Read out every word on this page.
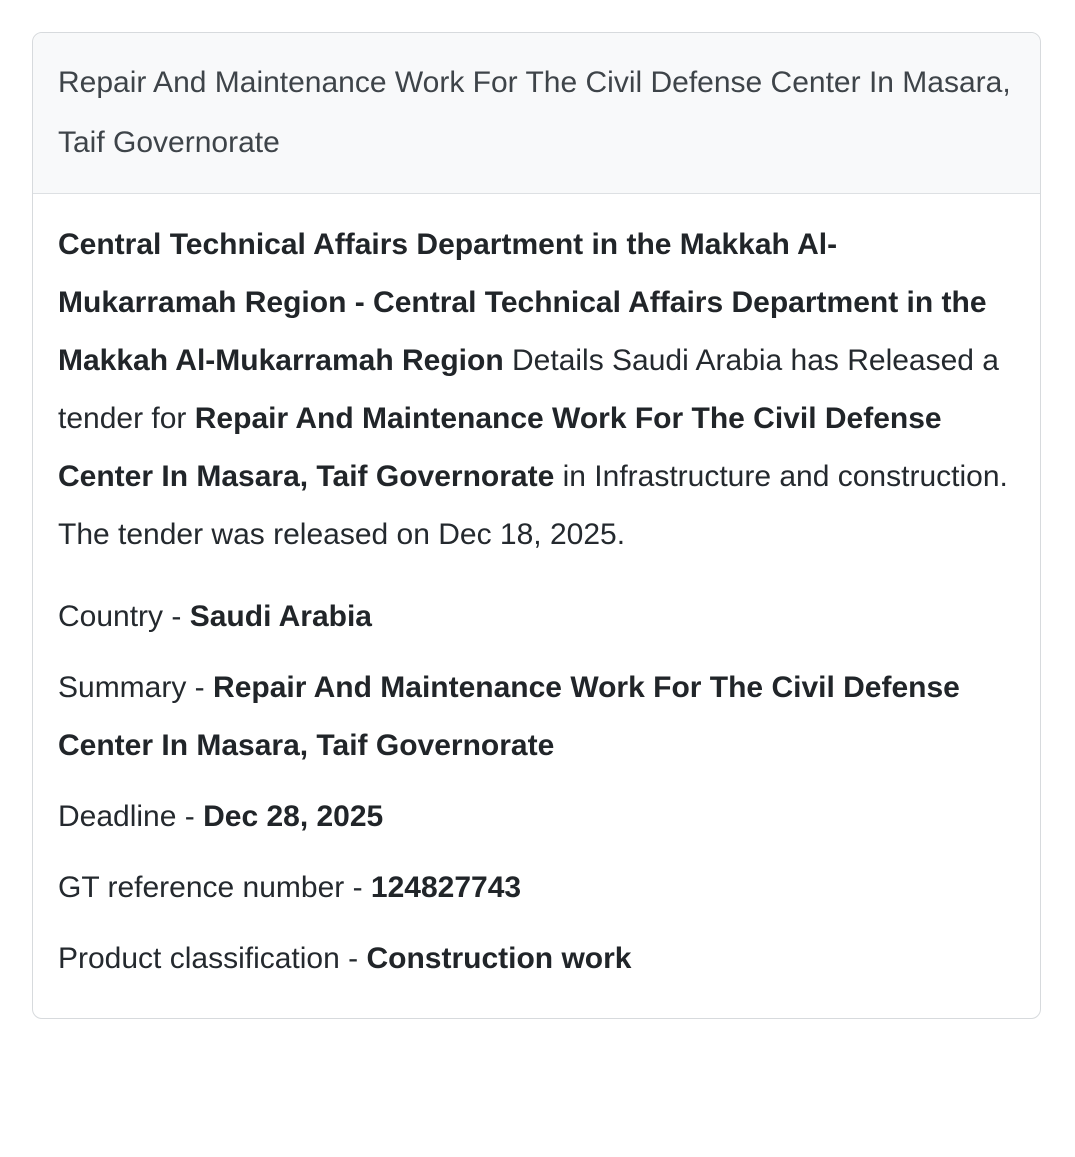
Repair And Maintenance Work For The Civil Defense Center In Masara, Taif Governorate

Central Technical Affairs Department in the Makkah Al-Mukarramah Region - Central Technical Affairs Department in the Makkah Al-Mukarramah Region Details Saudi Arabia has Released a tender for Repair And Maintenance Work For The Civil Defense Center In Masara, Taif Governorate in Infrastructure and construction. The tender was released on Dec 18, 2025.

Country - Saudi Arabia

Summary - Repair And Maintenance Work For The Civil Defense Center In Masara, Taif Governorate

Deadline - Dec 28, 2025

GT reference number - 124827743

Product classification - Construction work
